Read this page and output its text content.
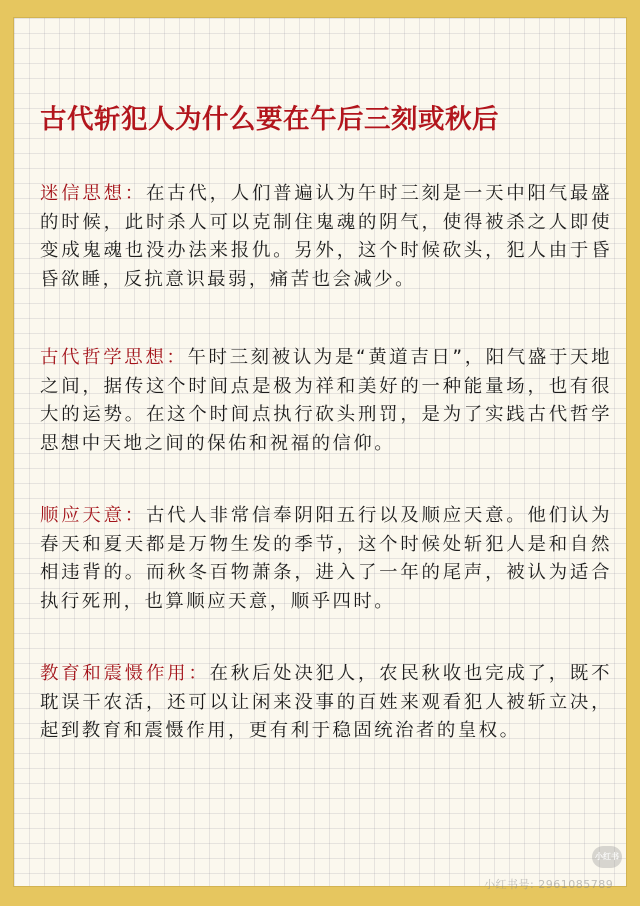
古代斩犯人为什么要在午后三刻或秋后

迷信思想：在古代，人们普遍认为午时三刻是一天中阳气最盛的时候，此时杀人可以克制住鬼魂的阴气，使得被杀之人即使变成鬼魂也没办法来报仇。另外，这个时候砍头，犯人由于昏昏欲睡，反抗意识最弱，痛苦也会减少。

古代哲学思想：午时三刻被认为是“黄道吉日”，阳气盛于天地之间，据传这个时间点是极为祥和美好的一种能量场，也有很大的运势。在这个时间点执行砍头刑罚，是为了实践古代哲学思想中天地之间的保佑和祝福的信仰。

顺应天意：古代人非常信奉阴阳五行以及顺应天意。他们认为春天和夏天都是万物生发的季节，这个时候处斩犯人是和自然相违背的。而秋冬百物萧条，进入了一年的尾声，被认为适合执行死刑，也算顺应天意，顺乎四时。

教育和震慑作用：在秋后处决犯人，农民秋收也完成了，既不耽误干农活，还可以让闲来没事的百姓来观看犯人被斩立决，起到教育和震慑作用，更有利于稳固统治者的皇权。

小红书
小红书号: 2961085789
